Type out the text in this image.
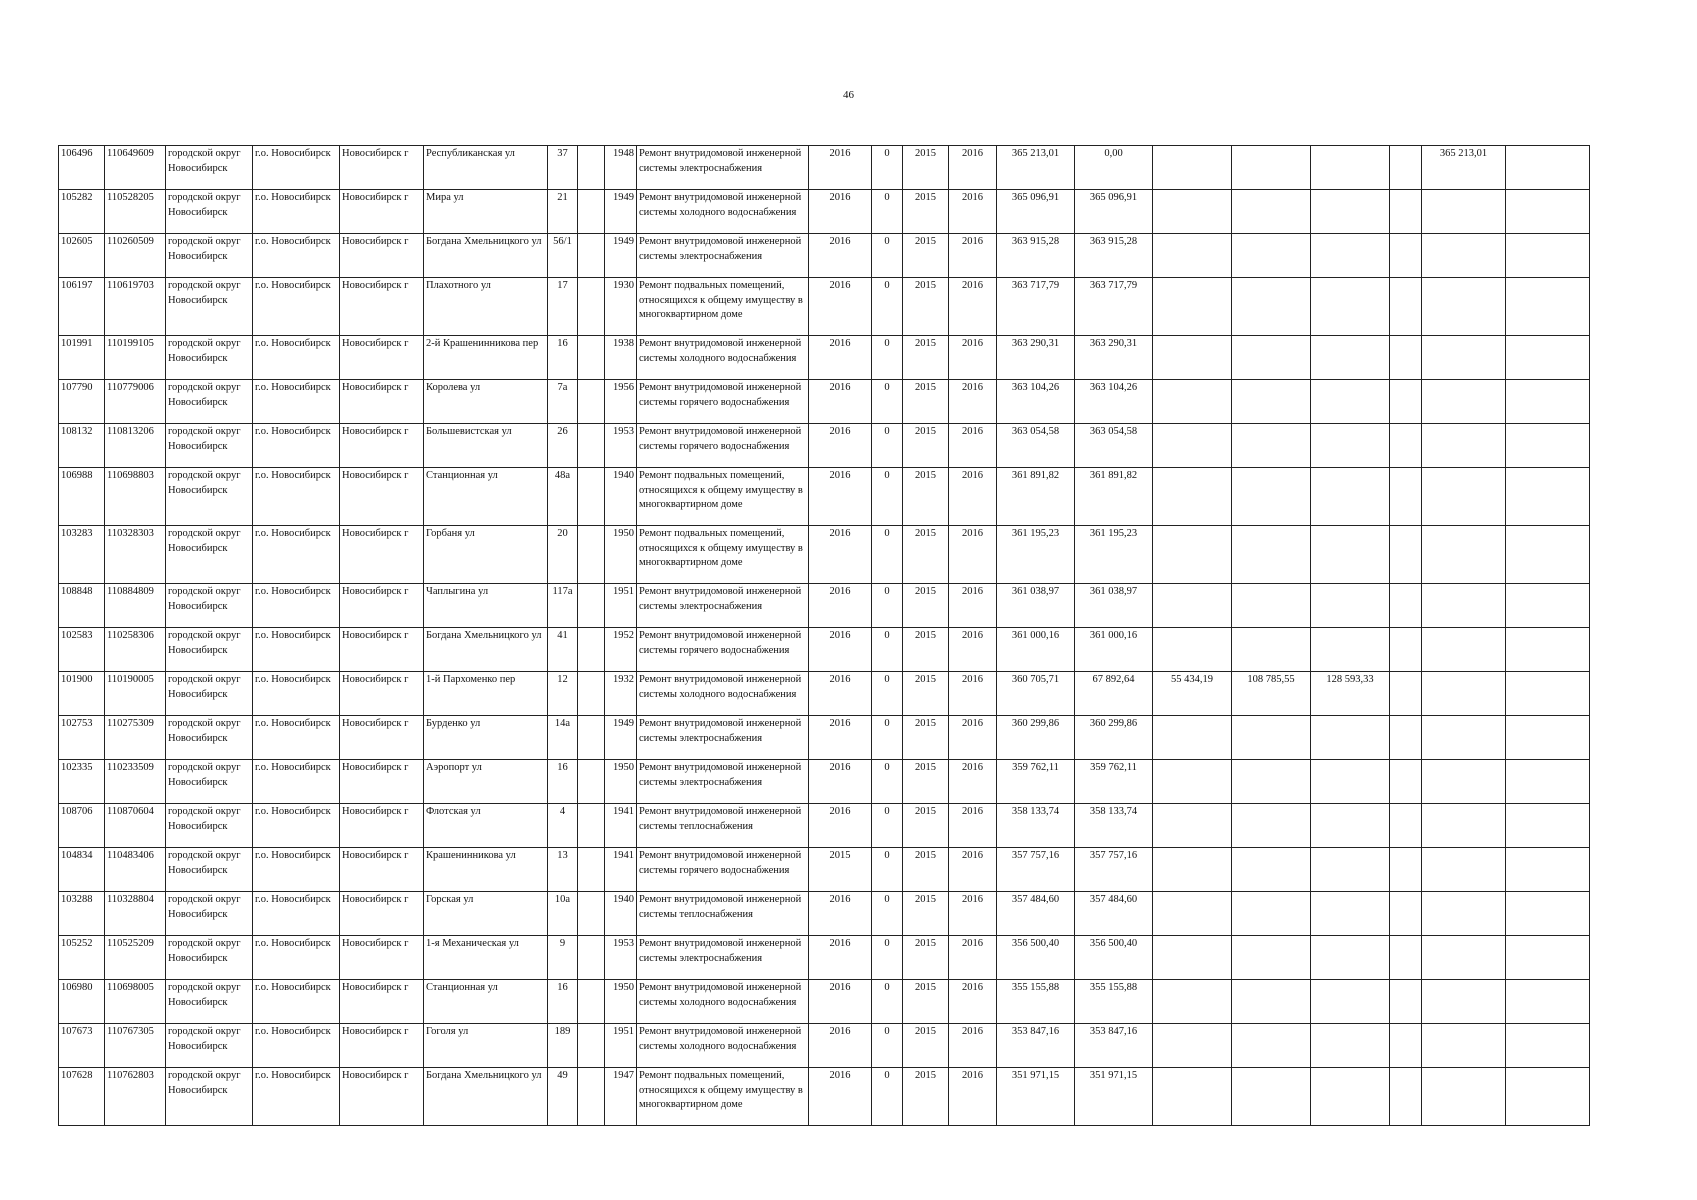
46
106496	110649609	городской округ Новосибирск	г.о. Новосибирск	Новосибирск г	Республиканская ул	37		1948	Ремонт внутридомовой инженерной системы электроснабжения	2016	0	2015	2016	365 213,01	0,00					365 213,01	
105282	110528205	городской округ Новосибирск	г.о. Новосибирск	Новосибирск г	Мира ул	21		1949	Ремонт внутридомовой инженерной системы холодного водоснабжения	2016	0	2015	2016	365 096,91	365 096,91						
102605	110260509	городской округ Новосибирск	г.о. Новосибирск	Новосибирск г	Богдана Хмельницкого ул	56/1		1949	Ремонт внутридомовой инженерной системы электроснабжения	2016	0	2015	2016	363 915,28	363 915,28						
106197	110619703	городской округ Новосибирск	г.о. Новосибирск	Новосибирск г	Плахотного ул	17		1930	Ремонт подвальных помещений, относящихся к общему имуществу в многоквартирном доме	2016	0	2015	2016	363 717,79	363 717,79						
101991	110199105	городской округ Новосибирск	г.о. Новосибирск	Новосибирск г	2-й Крашенинникова пер	16		1938	Ремонт внутридомовой инженерной системы холодного водоснабжения	2016	0	2015	2016	363 290,31	363 290,31						
107790	110779006	городской округ Новосибирск	г.о. Новосибирск	Новосибирск г	Королева ул	7а		1956	Ремонт внутридомовой инженерной системы горячего водоснабжения	2016	0	2015	2016	363 104,26	363 104,26						
108132	110813206	городской округ Новосибирск	г.о. Новосибирск	Новосибирск г	Большевистская ул	26		1953	Ремонт внутридомовой инженерной системы горячего водоснабжения	2016	0	2015	2016	363 054,58	363 054,58						
106988	110698803	городской округ Новосибирск	г.о. Новосибирск	Новосибирск г	Станционная ул	48а		1940	Ремонт подвальных помещений, относящихся к общему имуществу в многоквартирном доме	2016	0	2015	2016	361 891,82	361 891,82						
103283	110328303	городской округ Новосибирск	г.о. Новосибирск	Новосибирск г	Горбаня ул	20		1950	Ремонт подвальных помещений, относящихся к общему имуществу в многоквартирном доме	2016	0	2015	2016	361 195,23	361 195,23						
108848	110884809	городской округ Новосибирск	г.о. Новосибирск	Новосибирск г	Чаплыгина ул	117а		1951	Ремонт внутридомовой инженерной системы электроснабжения	2016	0	2015	2016	361 038,97	361 038,97						
102583	110258306	городской округ Новосибирск	г.о. Новосибирск	Новосибирск г	Богдана Хмельницкого ул	41		1952	Ремонт внутридомовой инженерной системы горячего водоснабжения	2016	0	2015	2016	361 000,16	361 000,16						
101900	110190005	городской округ Новосибирск	г.о. Новосибирск	Новосибирск г	1-й Пархоменко пер	12		1932	Ремонт внутридомовой инженерной системы холодного водоснабжения	2016	0	2015	2016	360 705,71	67 892,64	55 434,19	108 785,55	128 593,33			
102753	110275309	городской округ Новосибирск	г.о. Новосибирск	Новосибирск г	Бурденко ул	14а		1949	Ремонт внутридомовой инженерной системы электроснабжения	2016	0	2015	2016	360 299,86	360 299,86						
102335	110233509	городской округ Новосибирск	г.о. Новосибирск	Новосибирск г	Аэропорт ул	16		1950	Ремонт внутридомовой инженерной системы электроснабжения	2016	0	2015	2016	359 762,11	359 762,11						
108706	110870604	городской округ Новосибирск	г.о. Новосибирск	Новосибирск г	Флотская ул	4		1941	Ремонт внутридомовой инженерной системы теплоснабжения	2016	0	2015	2016	358 133,74	358 133,74						
104834	110483406	городской округ Новосибирск	г.о. Новосибирск	Новосибирск г	Крашенинникова ул	13		1941	Ремонт внутридомовой инженерной системы горячего водоснабжения	2015	0	2015	2016	357 757,16	357 757,16						
103288	110328804	городской округ Новосибирск	г.о. Новосибирск	Новосибирск г	Горская ул	10а		1940	Ремонт внутридомовой инженерной системы теплоснабжения	2016	0	2015	2016	357 484,60	357 484,60						
105252	110525209	городской округ Новосибирск	г.о. Новосибирск	Новосибирск г	1-я Механическая ул	9		1953	Ремонт внутридомовой инженерной системы электроснабжения	2016	0	2015	2016	356 500,40	356 500,40						
106980	110698005	городской округ Новосибирск	г.о. Новосибирск	Новосибирск г	Станционная ул	16		1950	Ремонт внутридомовой инженерной системы холодного водоснабжения	2016	0	2015	2016	355 155,88	355 155,88						
107673	110767305	городской округ Новосибирск	г.о. Новосибирск	Новосибирск г	Гоголя ул	189		1951	Ремонт внутридомовой инженерной системы холодного водоснабжения	2016	0	2015	2016	353 847,16	353 847,16						
107628	110762803	городской округ Новосибирск	г.о. Новосибирск	Новосибирск г	Богдана Хмельницкого ул	49		1947	Ремонт подвальных помещений, относящихся к общему имуществу в многоквартирном доме	2016	0	2015	2016	351 971,15	351 971,15						
